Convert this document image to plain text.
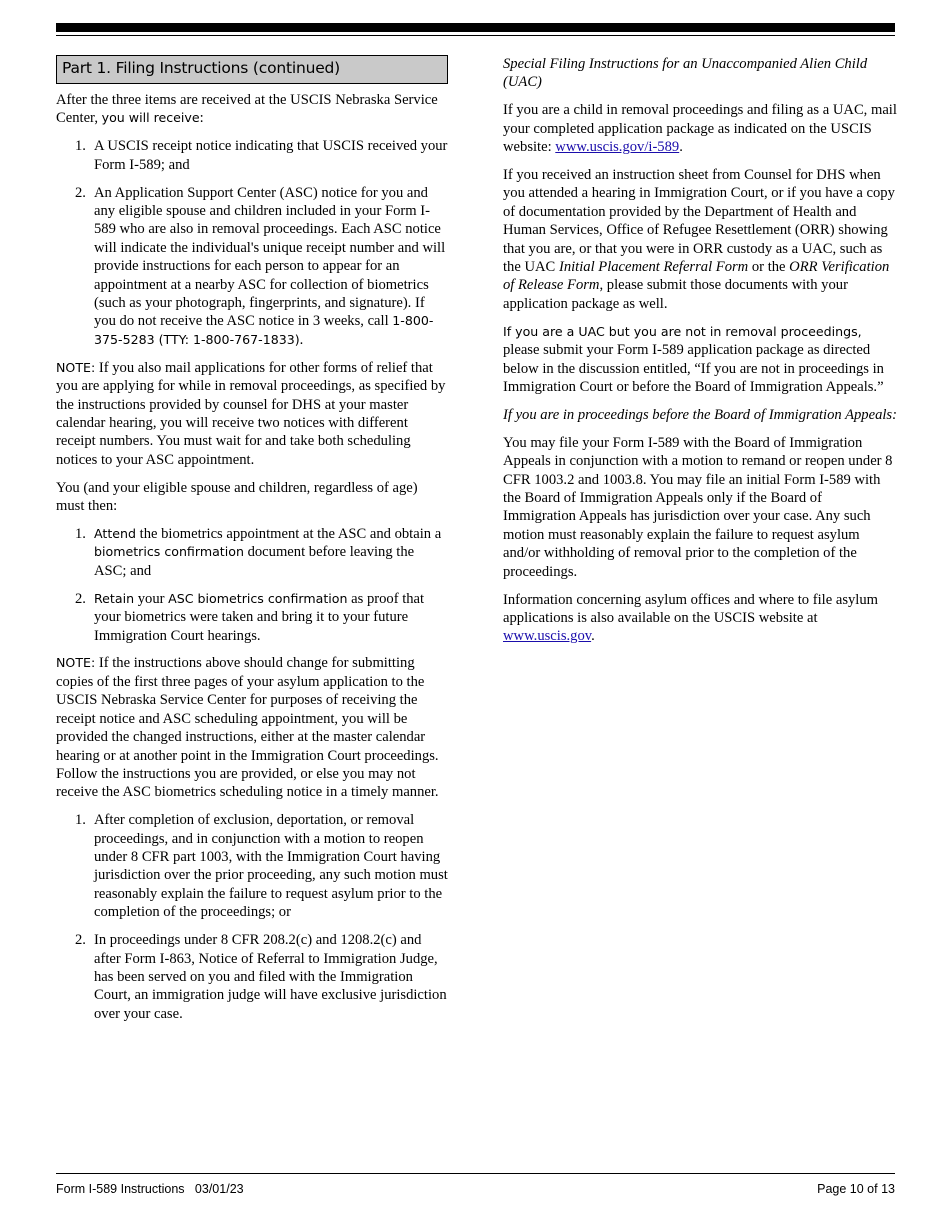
Part 1. Filing Instructions (continued)

After the three items are received at the USCIS Nebraska Service Center, you will receive:

1. A USCIS receipt notice indicating that USCIS received your Form I-589; and
2. An Application Support Center (ASC) notice for you and any eligible spouse and children included in your Form I-589 who are also in removal proceedings. Each ASC notice will indicate the individual's unique receipt number and will provide instructions for each person to appear for an appointment at a nearby ASC for collection of biometrics (such as your photograph, fingerprints, and signature). If you do not receive the ASC notice in 3 weeks, call 1-800-375-5283 (TTY: 1-800-767-1833).

NOTE: If you also mail applications for other forms of relief that you are applying for while in removal proceedings, as specified by the instructions provided by counsel for DHS at your master calendar hearing, you will receive two notices with different receipt numbers. You must wait for and take both scheduling notices to your ASC appointment.

You (and your eligible spouse and children, regardless of age) must then:

1. Attend the biometrics appointment at the ASC and obtain a biometrics confirmation document before leaving the ASC; and
2. Retain your ASC biometrics confirmation as proof that your biometrics were taken and bring it to your future Immigration Court hearings.

NOTE: If the instructions above should change for submitting copies of the first three pages of your asylum application to the USCIS Nebraska Service Center for purposes of receiving the receipt notice and ASC scheduling appointment, you will be provided the changed instructions, either at the master calendar hearing or at another point in the Immigration Court proceedings. Follow the instructions you are provided, or else you may not receive the ASC biometrics scheduling notice in a timely manner.

1. After completion of exclusion, deportation, or removal proceedings, and in conjunction with a motion to reopen under 8 CFR part 1003, with the Immigration Court having jurisdiction over the prior proceeding, any such motion must reasonably explain the failure to request asylum prior to the completion of the proceedings; or
2. In proceedings under 8 CFR 208.2(c) and 1208.2(c) and after Form I-863, Notice of Referral to Immigration Judge, has been served on you and filed with the Immigration Court, an immigration judge will have exclusive jurisdiction over your case.

Special Filing Instructions for an Unaccompanied Alien Child (UAC)

If you are a child in removal proceedings and filing as a UAC, mail your completed application package as indicated on the USCIS website: www.uscis.gov/i-589.

If you received an instruction sheet from Counsel for DHS when you attended a hearing in Immigration Court, or if you have a copy of documentation provided by the Department of Health and Human Services, Office of Refugee Resettlement (ORR) showing that you are, or that you were in ORR custody as a UAC, such as the UAC Initial Placement Referral Form or the ORR Verification of Release Form, please submit those documents with your application package as well.

If you are a UAC but you are not in removal proceedings, please submit your Form I-589 application package as directed below in the discussion entitled, “If you are not in proceedings in Immigration Court or before the Board of Immigration Appeals.”

If you are in proceedings before the Board of Immigration Appeals:

You may file your Form I-589 with the Board of Immigration Appeals in conjunction with a motion to remand or reopen under 8 CFR 1003.2 and 1003.8. You may file an initial Form I-589 with the Board of Immigration Appeals only if the Board of Immigration Appeals has jurisdiction over your case. Any such motion must reasonably explain the failure to request asylum and/or withholding of removal prior to the completion of the proceedings.

Information concerning asylum offices and where to file asylum applications is also available on the USCIS website at www.uscis.gov.

Form I-589 Instructions   03/01/23	Page 10 of 13
